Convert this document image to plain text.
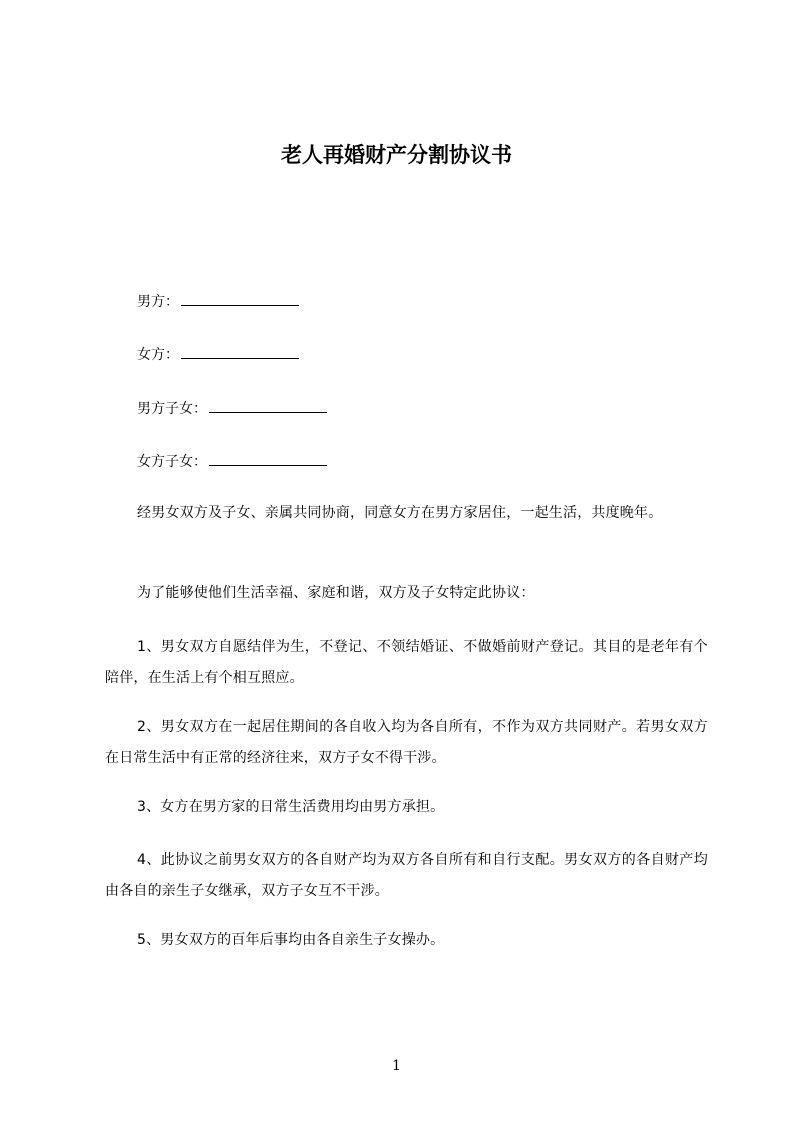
老人再婚财产分割协议书
男方：
女方：
男方子女：
女方子女：
经男女双方及子女、亲属共同协商，同意女方在男方家居住，一起生活，共度晚年。
为了能够使他们生活幸福、家庭和谐，双方及子女特定此协议：
1、男女双方自愿结伴为生，不登记、不领结婚证、不做婚前财产登记。其目的是老年有个陪伴，在生活上有个相互照应。
2、男女双方在一起居住期间的各自收入均为各自所有，不作为双方共同财产。若男女双方在日常生活中有正常的经济往来，双方子女不得干涉。
3、女方在男方家的日常生活费用均由男方承担。
4、此协议之前男女双方的各自财产均为双方各自所有和自行支配。男女双方的各自财产均由各自的亲生子女继承，双方子女互不干涉。
5、男女双方的百年后事均由各自亲生子女操办。
1
